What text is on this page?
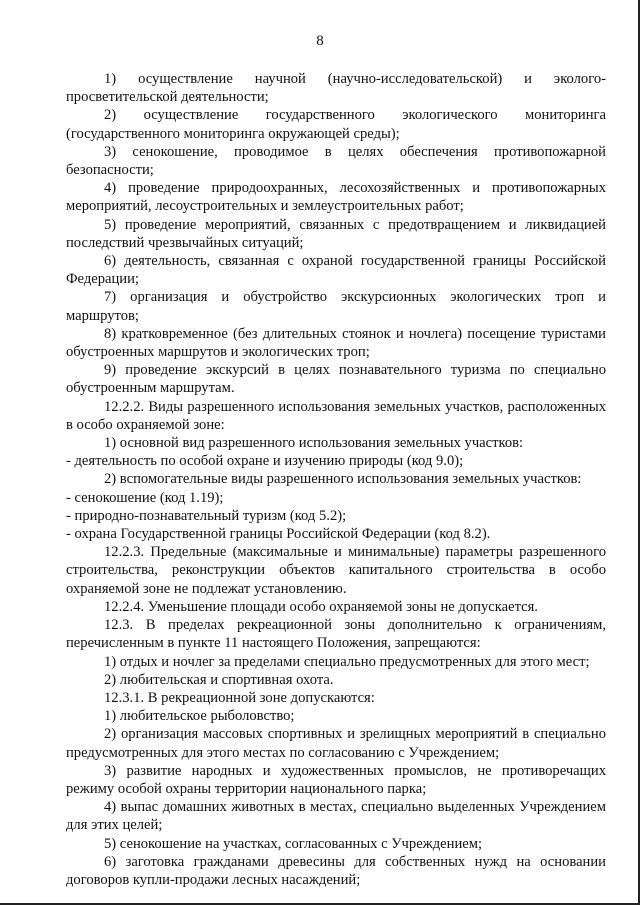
8

1) осуществление научной (научно-исследовательской) и эколого-просветительской деятельности;

2) осуществление государственного экологического мониторинга (государственного мониторинга окружающей среды);

3) сенокошение, проводимое в целях обеспечения противопожарной безопасности;

4) проведение природоохранных, лесохозяйственных и противопожарных мероприятий, лесоустроительных и землеустроительных работ;

5) проведение мероприятий, связанных с предотвращением и ликвидацией последствий чрезвычайных ситуаций;

6) деятельность, связанная с охраной государственной границы Российской Федерации;

7) организация и обустройство экскурсионных экологических троп и маршрутов;

8) кратковременное (без длительных стоянок и ночлега) посещение туристами обустроенных маршрутов и экологических троп;

9) проведение экскурсий в целях познавательного туризма по специально обустроенным маршрутам.

12.2.2. Виды разрешенного использования земельных участков, расположенных в особо охраняемой зоне:

1) основной вид разрешенного использования земельных участков:

- деятельность по особой охране и изучению природы (код 9.0);

2) вспомогательные виды разрешенного использования земельных участков:

- сенокошение (код 1.19);

- природно-познавательный туризм (код 5.2);

- охрана Государственной границы Российской Федерации (код 8.2).

12.2.3. Предельные (максимальные и минимальные) параметры разрешенного строительства, реконструкции объектов капитального строительства в особо охраняемой зоне не подлежат установлению.

12.2.4. Уменьшение площади особо охраняемой зоны не допускается.

12.3. В пределах рекреационной зоны дополнительно к ограничениям, перечисленным в пункте 11 настоящего Положения, запрещаются:

1) отдых и ночлег за пределами специально предусмотренных для этого мест;

2) любительская и спортивная охота.

12.3.1. В рекреационной зоне допускаются:

1) любительское рыболовство;

2) организация массовых спортивных и зрелищных мероприятий в специально предусмотренных для этого местах по согласованию с Учреждением;

3) развитие народных и художественных промыслов, не противоречащих режиму особой охраны территории национального парка;

4) выпас домашних животных в местах, специально выделенных Учреждением для этих целей;

5) сенокошение на участках, согласованных с Учреждением;

6) заготовка гражданами древесины для собственных нужд на основании договоров купли-продажи лесных насаждений;
